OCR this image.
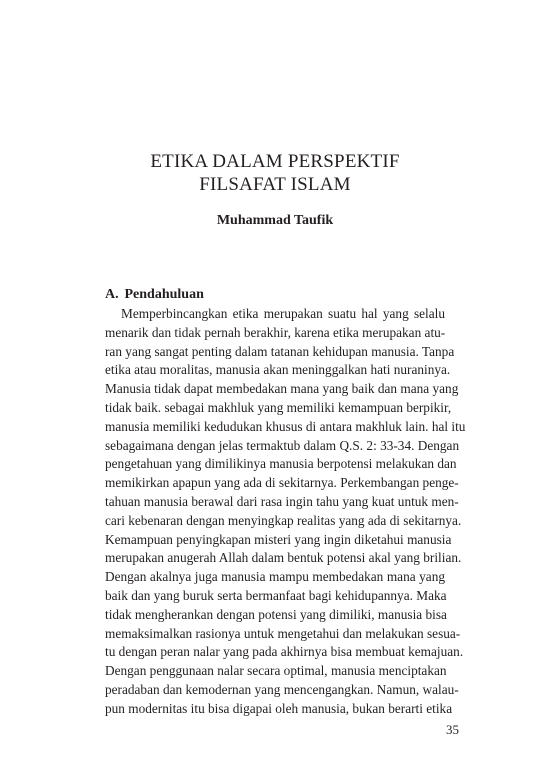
ETIKA DALAM PERSPEKTIF
FILSAFAT ISLAM
Muhammad Taufik
A. Pendahuluan
Memperbincangkan etika merupakan suatu hal yang selalu
menarik dan tidak pernah berakhir, karena etika merupakan atu-
ran yang sangat penting dalam tatanan kehidupan manusia. Tanpa
etika atau moralitas, manusia akan meninggalkan hati nuraninya.
Manusia tidak dapat membedakan mana yang baik dan mana yang
tidak baik. sebagai makhluk yang memiliki kemampuan berpikir,
manusia memiliki kedudukan khusus di antara makhluk lain. hal itu
sebagaimana dengan jelas termaktub dalam Q.S. 2: 33-34. Dengan
pengetahuan yang dimilikinya manusia berpotensi melakukan dan
memikirkan apapun yang ada di sekitarnya. Perkembangan penge-
tahuan manusia berawal dari rasa ingin tahu yang kuat untuk men-
cari kebenaran dengan menyingkap realitas yang ada di sekitarnya.
Kemampuan penyingkapan misteri yang ingin diketahui manusia
merupakan anugerah Allah dalam bentuk potensi akal yang brilian.
Dengan akalnya juga manusia mampu membedakan mana yang
baik dan yang buruk serta bermanfaat bagi kehidupannya. Maka
tidak mengherankan dengan potensi yang dimiliki, manusia bisa
memaksimalkan rasionya untuk mengetahui dan melakukan sesua-
tu dengan peran nalar yang pada akhirnya bisa membuat kemajuan.
Dengan penggunaan nalar secara optimal, manusia menciptakan
peradaban dan kemodernan yang mencengangkan. Namun, walau-
pun modernitas itu bisa digapai oleh manusia, bukan berarti etika
35
